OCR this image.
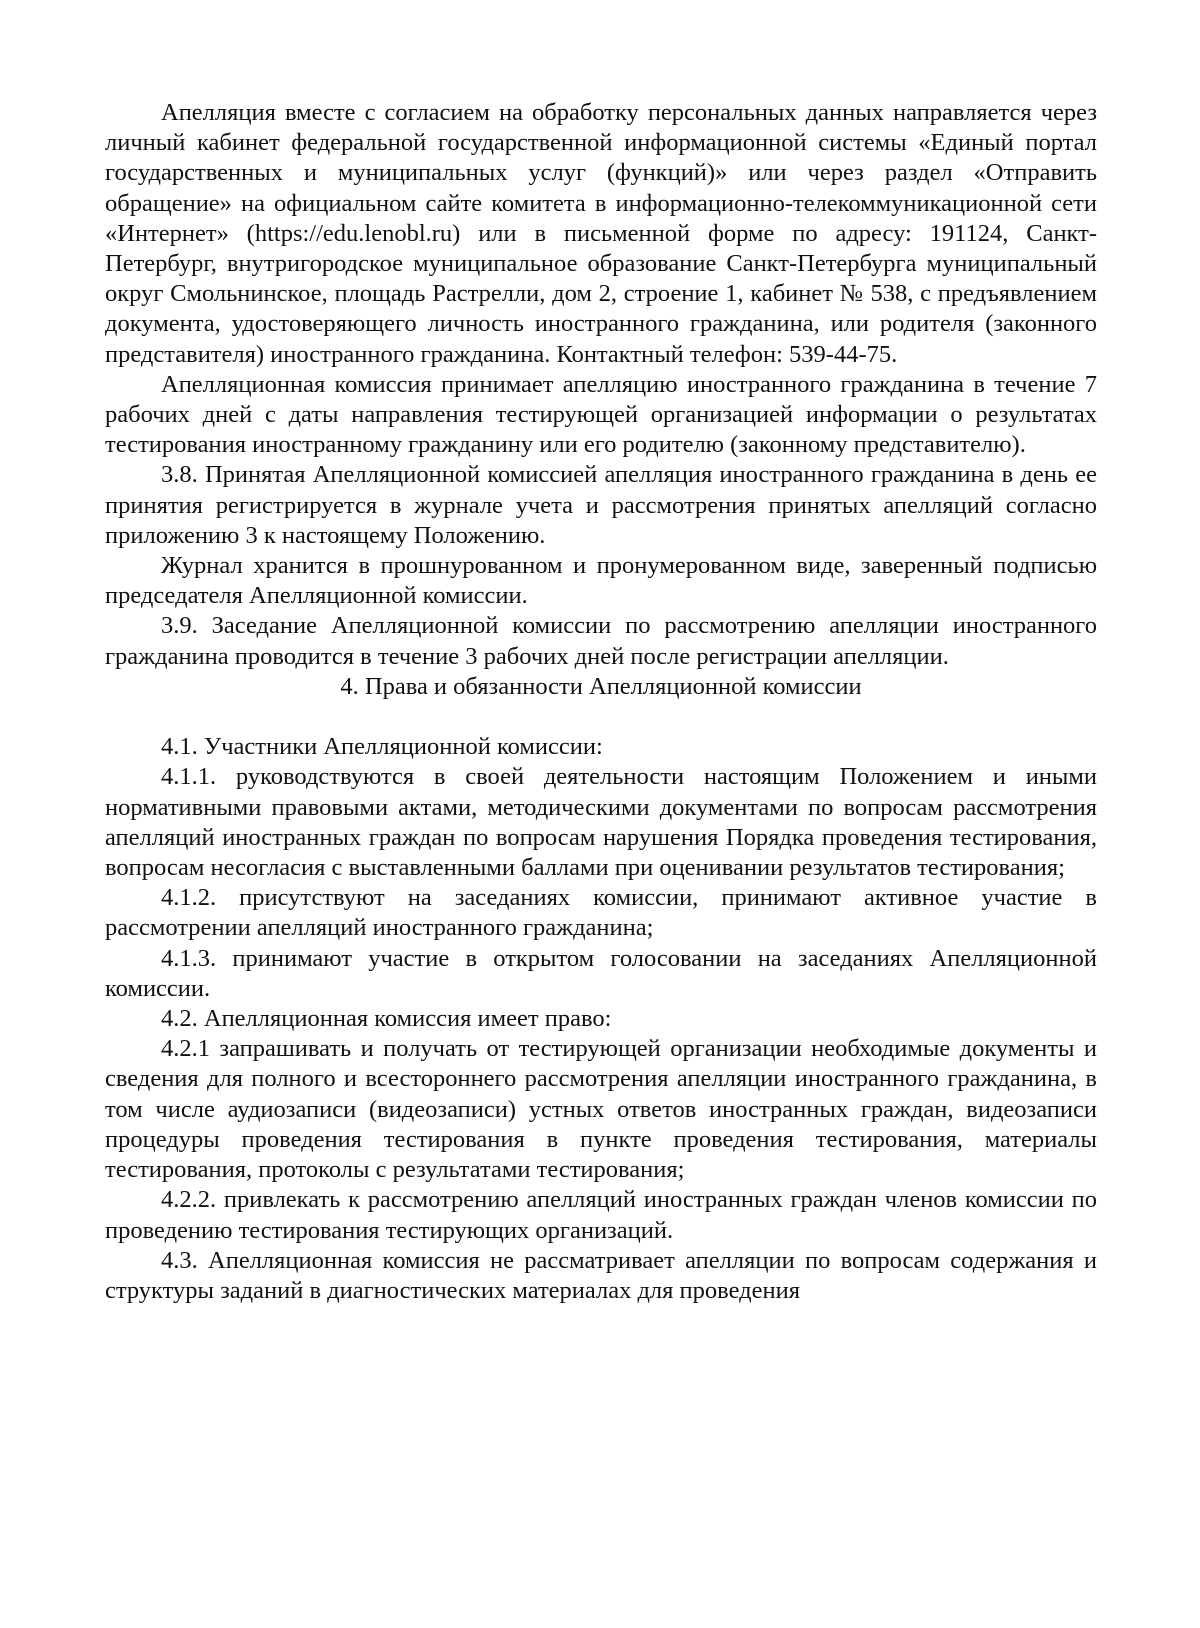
Апелляция вместе с согласием на обработку персональных данных направляется через личный кабинет федеральной государственной информационной системы «Единый портал государственных и муниципальных услуг (функций)» или через раздел «Отправить обращение» на официальном сайте комитета в информационно-телекоммуникационной сети «Интернет» (https://edu.lenobl.ru) или в письменной форме по адресу: 191124, Санкт-Петербург, внутригородское муниципальное образование Санкт-Петербурга муниципальный округ Смольнинское, площадь Растрелли, дом 2, строение 1, кабинет № 538, с предъявлением документа, удостоверяющего личность иностранного гражданина, или родителя (законного представителя) иностранного гражданина. Контактный телефон: 539-44-75.

Апелляционная комиссия принимает апелляцию иностранного гражданина в течение 7 рабочих дней с даты направления тестирующей организацией информации о результатах тестирования иностранному гражданину или его родителю (законному представителю).

3.8. Принятая Апелляционной комиссией апелляция иностранного гражданина в день ее принятия регистрируется в журнале учета и рассмотрения принятых апелляций согласно приложению 3 к настоящему Положению.

Журнал хранится в прошнурованном и пронумерованном виде, заверенный подписью председателя Апелляционной комиссии.

3.9. Заседание Апелляционной комиссии по рассмотрению апелляции иностранного гражданина проводится в течение 3 рабочих дней после регистрации апелляции.

4. Права и обязанности Апелляционной комиссии

4.1. Участники Апелляционной комиссии:

4.1.1. руководствуются в своей деятельности настоящим Положением и иными нормативными правовыми актами, методическими документами по вопросам рассмотрения апелляций иностранных граждан по вопросам нарушения Порядка проведения тестирования, вопросам несогласия с выставленными баллами при оценивании результатов тестирования;

4.1.2. присутствуют на заседаниях комиссии, принимают активное участие в рассмотрении апелляций иностранного гражданина;

4.1.3. принимают участие в открытом голосовании на заседаниях Апелляционной комиссии.

4.2. Апелляционная комиссия имеет право:

4.2.1 запрашивать и получать от тестирующей организации необходимые документы и сведения для полного и всестороннего рассмотрения апелляции иностранного гражданина, в том числе аудиозаписи (видеозаписи) устных ответов иностранных граждан, видеозаписи процедуры проведения тестирования в пункте проведения тестирования, материалы тестирования, протоколы с результатами тестирования;

4.2.2. привлекать к рассмотрению апелляций иностранных граждан членов комиссии по проведению тестирования тестирующих организаций.

4.3. Апелляционная комиссия не рассматривает апелляции по вопросам содержания и структуры заданий в диагностических материалах для проведения
